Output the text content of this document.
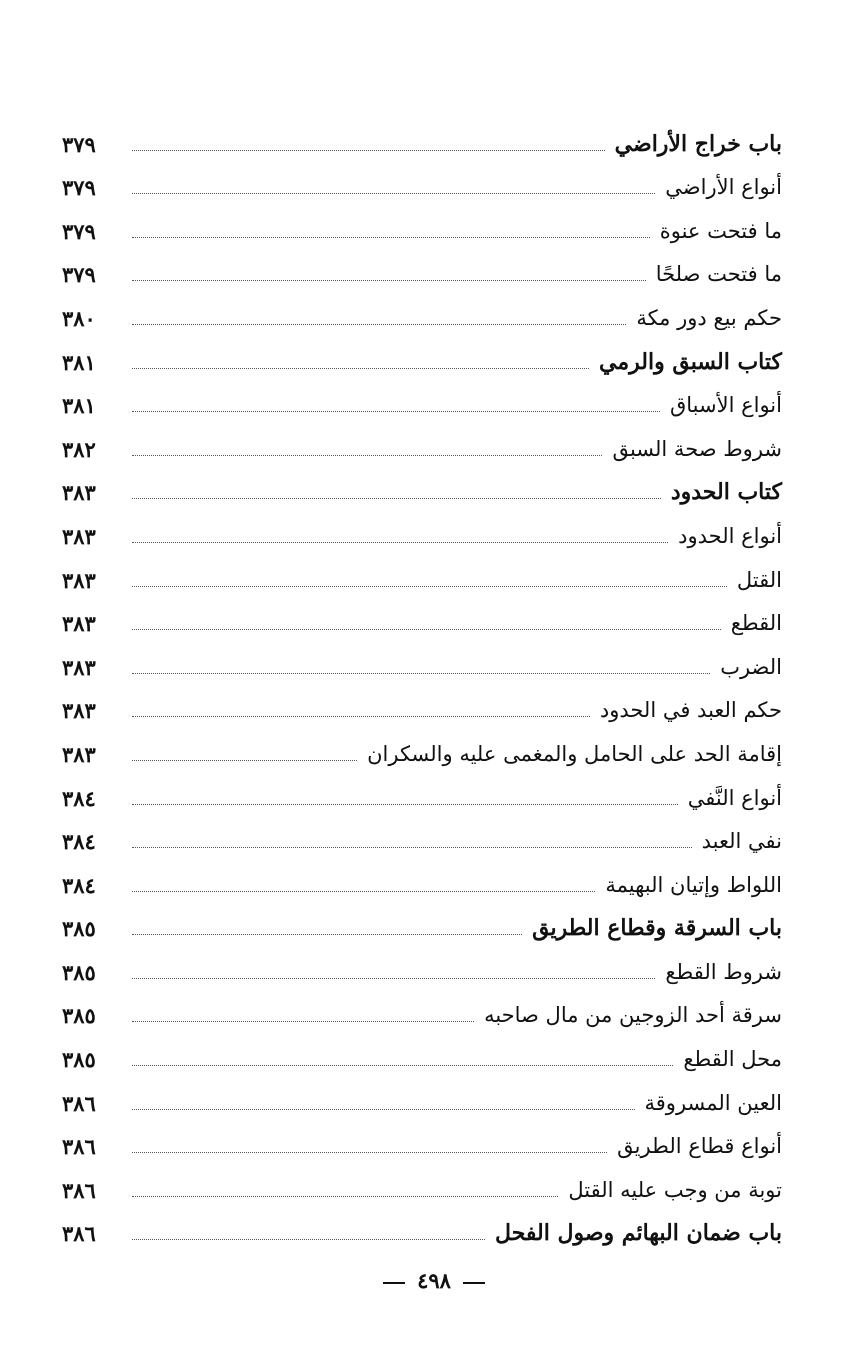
باب خراج الأراضي
٣٧٩
أنواع الأراضي
٣٧٩
ما فتحت عنوة
٣٧٩
ما فتحت صلحًا
٣٧٩
حكم بيع دور مكة
٣٨٠
كتاب السبق والرمي
٣٨١
أنواع الأسباق
٣٨١
شروط صحة السبق
٣٨٢
كتاب الحدود
٣٨٣
أنواع الحدود
٣٨٣
القتل
٣٨٣
القطع
٣٨٣
الضرب
٣٨٣
حكم العبد في الحدود
٣٨٣
إقامة الحد على الحامل والمغمى عليه والسكران
٣٨٣
أنواع النَّفي
٣٨٤
نفي العبد
٣٨٤
اللواط وإتيان البهيمة
٣٨٤
باب السرقة وقطاع الطريق
٣٨٥
شروط القطع
٣٨٥
سرقة أحد الزوجين من مال صاحبه
٣٨٥
محل القطع
٣٨٥
العين المسروقة
٣٨٦
أنواع قطاع الطريق
٣٨٦
توبة من وجب عليه القتل
٣٨٦
باب ضمان البهائم وصول الفحل
٣٨٦
٤٩٨
